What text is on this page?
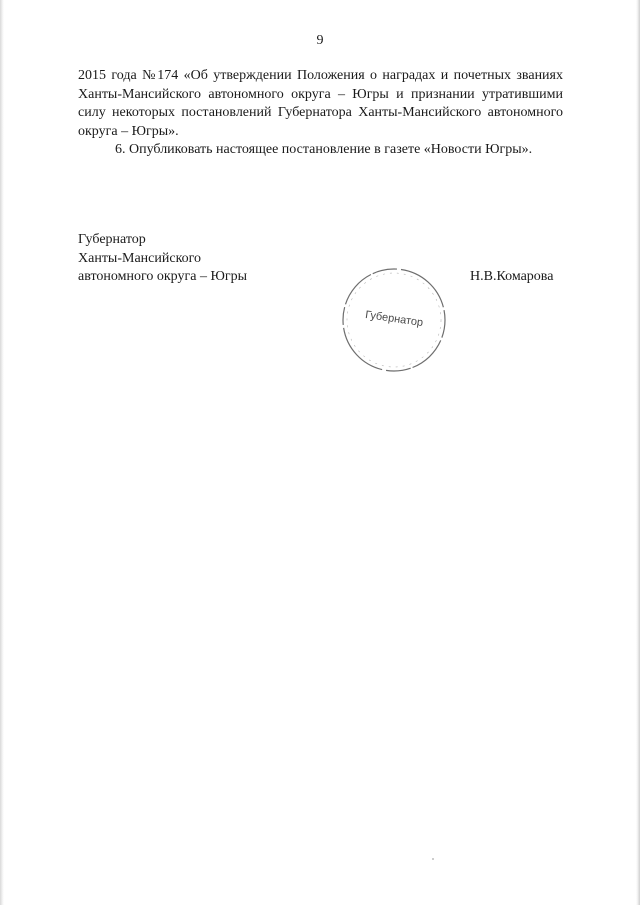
9

2015 года №174 «Об утверждении Положения о наградах и почетных званиях Ханты-Мансийского автономного округа – Югры и признании утратившими силу некоторых постановлений Губернатора Ханты-Мансийского автономного округа – Югры».

6. Опубликовать настоящее постановление в газете «Новости Югры».

Губернатор
Ханты-Мансийского
автономного округа – Югры	Н.В.Комарова
Губернатор
